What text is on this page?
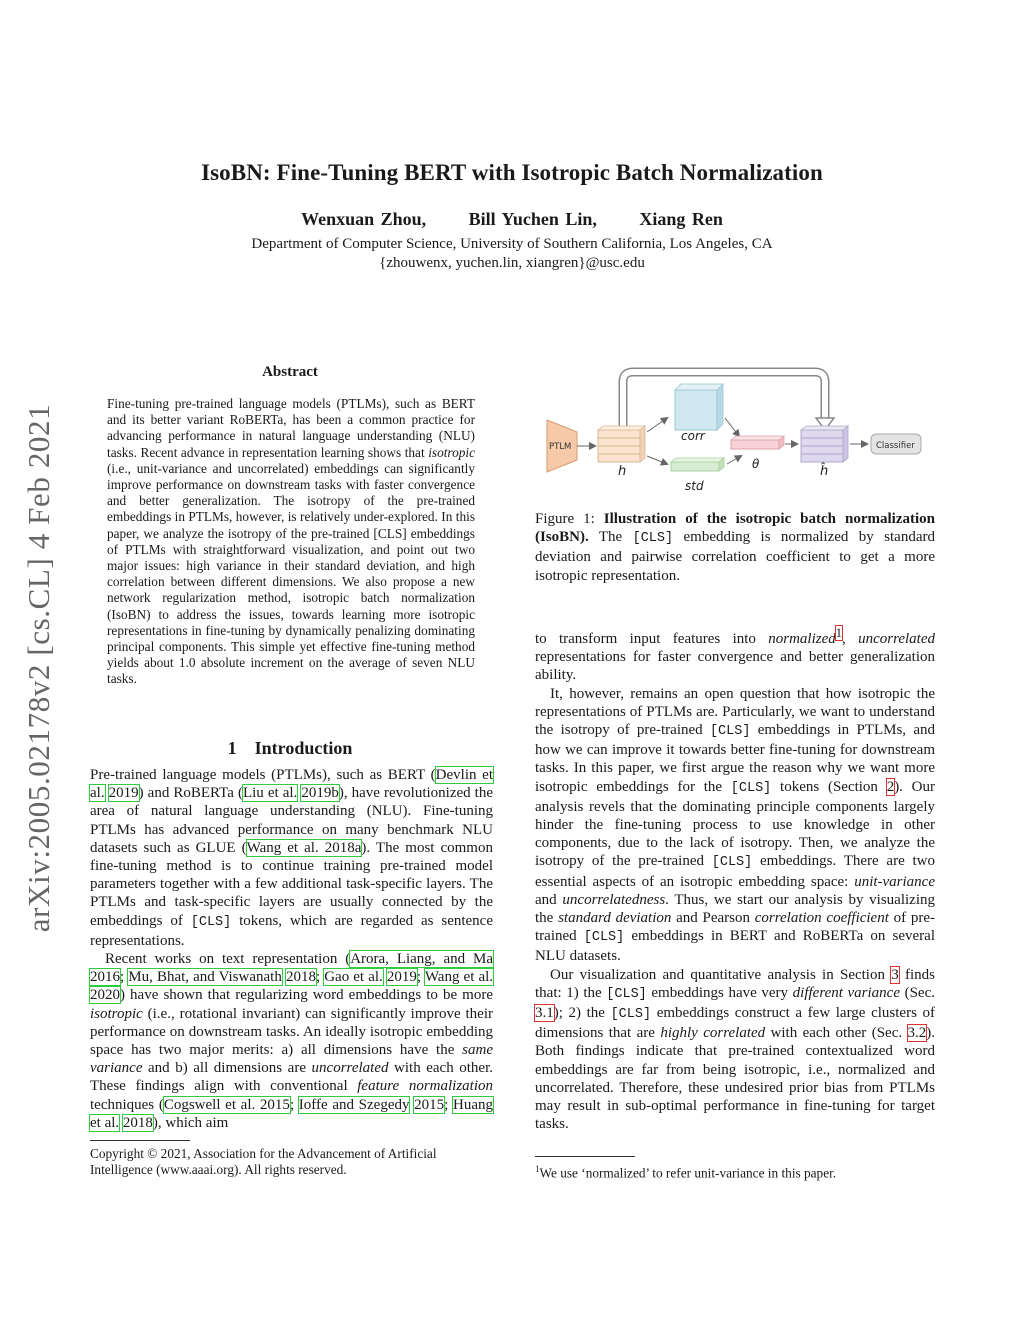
IsoBN: Fine-Tuning BERT with Isotropic Batch Normalization
Wenxuan Zhou, Bill Yuchen Lin, Xiang Ren
Department of Computer Science, University of Southern California, Los Angeles, CA
{zhouwenx, yuchen.lin, xiangren}@usc.edu
arXiv:2005.02178v2 [cs.CL] 4 Feb 2021
Abstract
Fine-tuning pre-trained language models (PTLMs), such as BERT and its better variant RoBERTa, has been a common practice for advancing performance in natural language understanding (NLU) tasks. Recent advance in representation learning shows that isotropic (i.e., unit-variance and uncorrelated) embeddings can significantly improve performance on downstream tasks with faster convergence and better generalization. The isotropy of the pre-trained embeddings in PTLMs, however, is relatively under-explored. In this paper, we analyze the isotropy of the pre-trained [CLS] embeddings of PTLMs with straightforward visualization, and point out two major issues: high variance in their standard deviation, and high correlation between different dimensions. We also propose a new network regularization method, isotropic batch normalization (IsoBN) to address the issues, towards learning more isotropic representations in fine-tuning by dynamically penalizing dominating principal components. This simple yet effective fine-tuning method yields about 1.0 absolute increment on the average of seven NLU tasks.
1 Introduction

Pre-trained language models (PTLMs), such as BERT (Devlin et al. 2019) and RoBERTa (Liu et al. 2019b), have revolutionized the area of natural language understanding (NLU). Fine-tuning PTLMs has advanced performance on many benchmark NLU datasets such as GLUE (Wang et al. 2018a). The most common fine-tuning method is to continue training pre-trained model parameters together with a few additional task-specific layers. The PTLMs and task-specific layers are usually connected by the embeddings of [CLS] tokens, which are regarded as sentence representations.

Recent works on text representation (Arora, Liang, and Ma 2016; Mu, Bhat, and Viswanath 2018; Gao et al. 2019; Wang et al. 2020) have shown that regularizing word embeddings to be more isotropic (i.e., rotational invariant) can significantly improve their performance on downstream tasks. An ideally isotropic embedding space has two major merits: a) all dimensions have the same variance and b) all dimensions are uncorrelated with each other. These findings align with conventional feature normalization techniques (Cogswell et al. 2015; Ioffe and Szegedy 2015; Huang et al. 2018), which aim

Copyright © 2021, Association for the Advancement of Artificial Intelligence (www.aaai.org). All rights reserved.
PTLM
h
corr
std
θ	ĥ
Classifier
Figure 1: Illustration of the isotropic batch normalization (IsoBN). The [CLS] embedding is normalized by standard deviation and pairwise correlation coefficient to get a more isotropic representation.

to transform input features into normalized$^1$, uncorrelated representations for faster convergence and better generalization ability.

It, however, remains an open question that how isotropic the representations of PTLMs are. Particularly, we want to understand the isotropy of pre-trained [CLS] embeddings in PTLMs, and how we can improve it towards better fine-tuning for downstream tasks. In this paper, we first argue the reason why we want more isotropic embeddings for the [CLS] tokens (Section 2). Our analysis revels that the dominating principle components largely hinder the fine-tuning process to use knowledge in other components, due to the lack of isotropy. Then, we analyze the isotropy of the pre-trained [CLS] embeddings. There are two essential aspects of an isotropic embedding space: unit-variance and uncorrelatedness. Thus, we start our analysis by visualizing the standard deviation and Pearson correlation coefficient of pre-trained [CLS] embeddings in BERT and RoBERTa on several NLU datasets.

Our visualization and quantitative analysis in Section 3 finds that: 1) the [CLS] embeddings have very different variance (Sec. 3.1); 2) the [CLS] embeddings construct a few large clusters of dimensions that are highly correlated with each other (Sec. 3.2). Both findings indicate that pre-trained contextualized word embeddings are far from being isotropic, i.e., normalized and uncorrelated. Therefore, these undesired prior bias from PTLMs may result in sub-optimal performance in fine-tuning for target tasks.

$^1$We use ‘normalized’ to refer unit-variance in this paper.
